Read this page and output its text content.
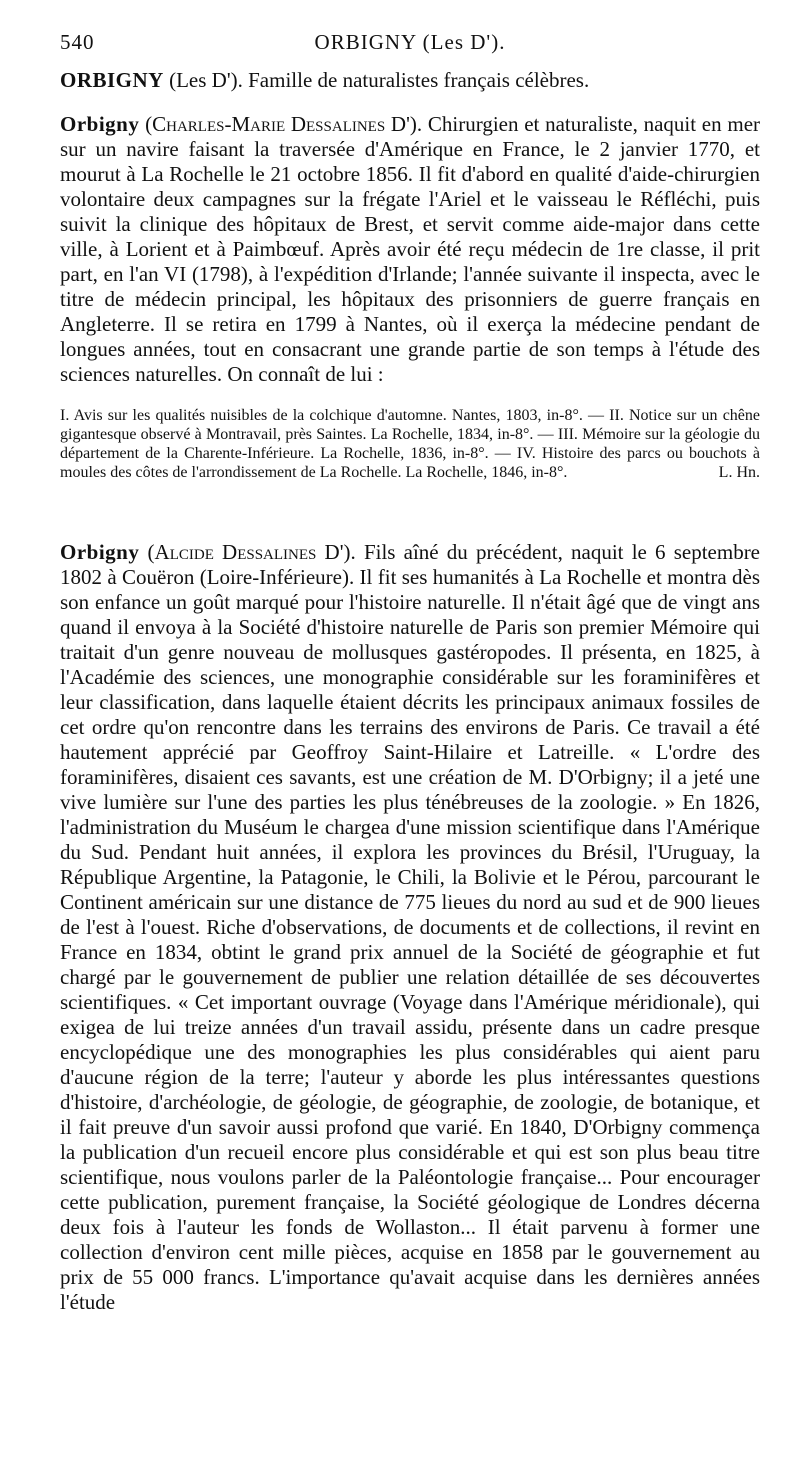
540	ORBIGNY (Les D').

ORBIGNY (Les D'). Famille de naturalistes français célèbres.

Orbigny (Charles-Marie Dessalines D'). Chirurgien et naturaliste, naquit en mer sur un navire faisant la traversée d'Amérique en France, le 2 janvier 1770, et mourut à La Rochelle le 21 octobre 1856. Il fit d'abord en qualité d'aide-chirurgien volontaire deux campagnes sur la frégate l'Ariel et le vaisseau le Réfléchi, puis suivit la clinique des hôpitaux de Brest, et servit comme aide-major dans cette ville, à Lorient et à Paimbœuf. Après avoir été reçu médecin de 1re classe, il prit part, en l'an VI (1798), à l'expédition d'Irlande; l'année suivante il inspecta, avec le titre de médecin principal, les hôpitaux des prisonniers de guerre français en Angleterre. Il se retira en 1799 à Nantes, où il exerça la médecine pendant de longues années, tout en consacrant une grande partie de son temps à l'étude des sciences naturelles. On connaît de lui :

I. Avis sur les qualités nuisibles de la colchique d'automne. Nantes, 1803, in-8°. — II. Notice sur un chêne gigantesque observé à Montravail, près Saintes. La Rochelle, 1834, in-8°. — III. Mémoire sur la géologie du département de la Charente-Inférieure. La Rochelle, 1836, in-8°. — IV. Histoire des parcs ou bouchots à moules des côtes de l'arrondissement de La Rochelle. La Rochelle, 1846, in-8°.	L. Hn.

Orbigny (Alcide Dessalines D'). Fils aîné du précédent, naquit le 6 septembre 1802 à Couëron (Loire-Inférieure). Il fit ses humanités à La Rochelle et montra dès son enfance un goût marqué pour l'histoire naturelle. Il n'était âgé que de vingt ans quand il envoya à la Société d'histoire naturelle de Paris son premier Mémoire qui traitait d'un genre nouveau de mollusques gastéropodes. Il présenta, en 1825, à l'Académie des sciences, une monographie considérable sur les foraminifères et leur classification, dans laquelle étaient décrits les principaux animaux fossiles de cet ordre qu'on rencontre dans les terrains des environs de Paris. Ce travail a été hautement apprécié par Geoffroy Saint-Hilaire et Latreille. « L'ordre des foraminifères, disaient ces savants, est une création de M. D'Orbigny; il a jeté une vive lumière sur l'une des parties les plus ténébreuses de la zoologie. » En 1826, l'administration du Muséum le chargea d'une mission scientifique dans l'Amérique du Sud. Pendant huit années, il explora les provinces du Brésil, l'Uruguay, la République Argentine, la Patagonie, le Chili, la Bolivie et le Pérou, parcourant le Continent américain sur une distance de 775 lieues du nord au sud et de 900 lieues de l'est à l'ouest. Riche d'observations, de documents et de collections, il revint en France en 1834, obtint le grand prix annuel de la Société de géographie et fut chargé par le gouvernement de publier une relation détaillée de ses découvertes scientifiques. « Cet important ouvrage (Voyage dans l'Amérique méridionale), qui exigea de lui treize années d'un travail assidu, présente dans un cadre presque encyclopédique une des monographies les plus considérables qui aient paru d'aucune région de la terre; l'auteur y aborde les plus intéressantes questions d'histoire, d'archéologie, de géologie, de géographie, de zoologie, de botanique, et il fait preuve d'un savoir aussi profond que varié. En 1840, D'Orbigny commença la publication d'un recueil encore plus considérable et qui est son plus beau titre scientifique, nous voulons parler de la Paléontologie française... Pour encourager cette publication, purement française, la Société géologique de Londres décerna deux fois à l'auteur les fonds de Wollaston... Il était parvenu à former une collection d'environ cent mille pièces, acquise en 1858 par le gouvernement au prix de 55 000 francs. L'importance qu'avait acquise dans les dernières années l'étude
